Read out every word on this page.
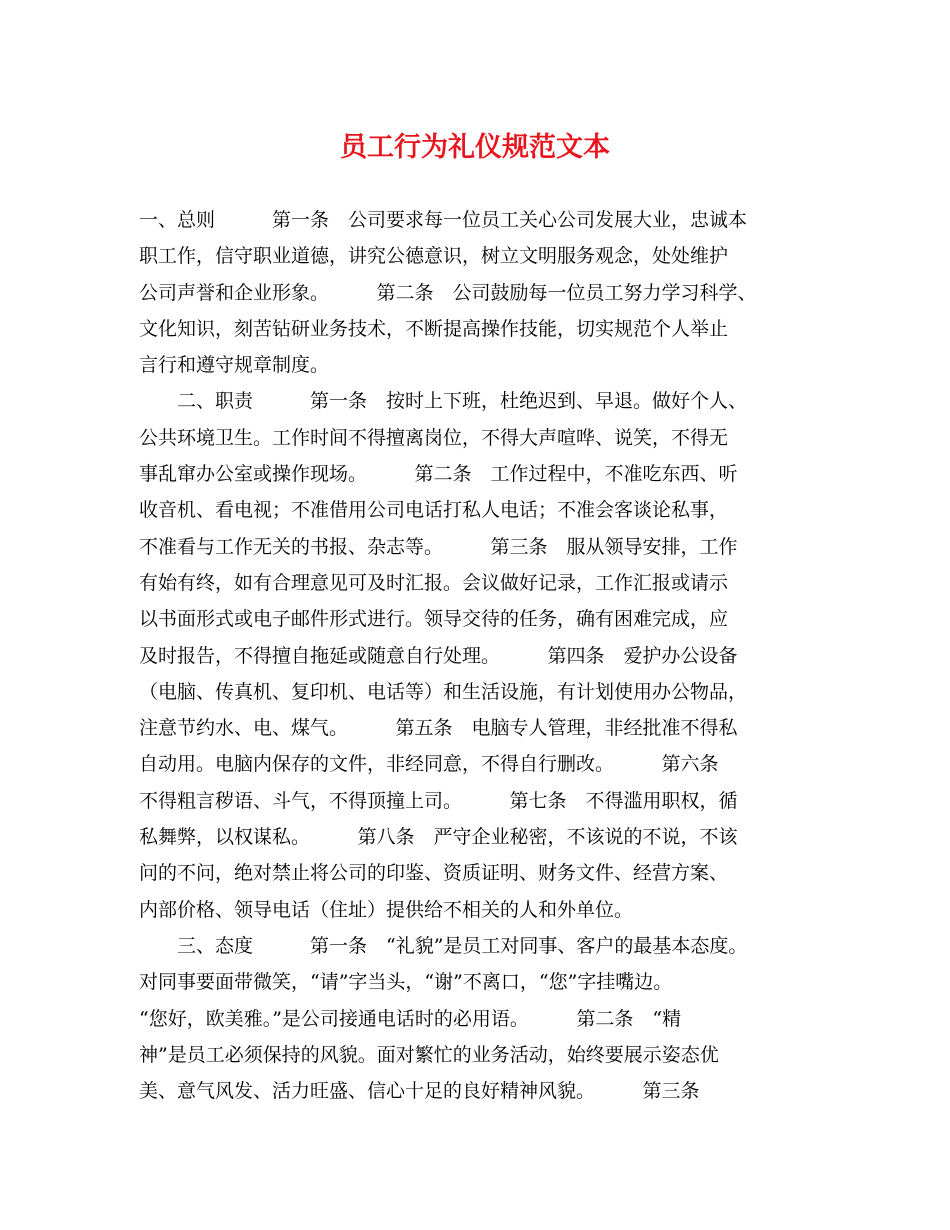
员工行为礼仪规范文本
一、总则　　　第一条　公司要求每一位员工关心公司发展大业，忠诚本
职工作，信守职业道德，讲究公德意识，树立文明服务观念，处处维护
公司声誉和企业形象。　　　第二条　公司鼓励每一位员工努力学习科学、
文化知识，刻苦钻研业务技术，不断提高操作技能，切实规范个人举止
言行和遵守规章制度。
　　二、职责　　　第一条　按时上下班，杜绝迟到、早退。做好个人、
公共环境卫生。工作时间不得擅离岗位，不得大声喧哗、说笑，不得无
事乱窜办公室或操作现场。　　　第二条　工作过程中，不准吃东西、听
收音机、看电视；不准借用公司电话打私人电话；不准会客谈论私事，
不准看与工作无关的书报、杂志等。　　　第三条　服从领导安排，工作
有始有终，如有合理意见可及时汇报。会议做好记录，工作汇报或请示
以书面形式或电子邮件形式进行。领导交待的任务，确有困难完成，应
及时报告，不得擅自拖延或随意自行处理。　　　第四条　爱护办公设备
（电脑、传真机、复印机、电话等）和生活设施，有计划使用办公物品，
注意节约水、电、煤气。　　　第五条　电脑专人管理，非经批准不得私
自动用。电脑内保存的文件，非经同意，不得自行删改。　　　第六条
不得粗言秽语、斗气，不得顶撞上司。　　　第七条　不得滥用职权，循
私舞弊，以权谋私。　　　第八条　严守企业秘密，不该说的不说，不该
问的不问，绝对禁止将公司的印鉴、资质证明、财务文件、经营方案、
内部价格、领导电话（住址）提供给不相关的人和外单位。
　　三、态度　　　第一条　“礼貌”是员工对同事、客户的最基本态度。
对同事要面带微笑，“请”字当头，“谢”不离口，“您”字挂嘴边。
“您好，欧美雅。”是公司接通电话时的必用语。　　　第二条　“精
神”是员工必须保持的风貌。面对繁忙的业务活动，始终要展示姿态优
美、意气风发、活力旺盛、信心十足的良好精神风貌。　　　第三条
